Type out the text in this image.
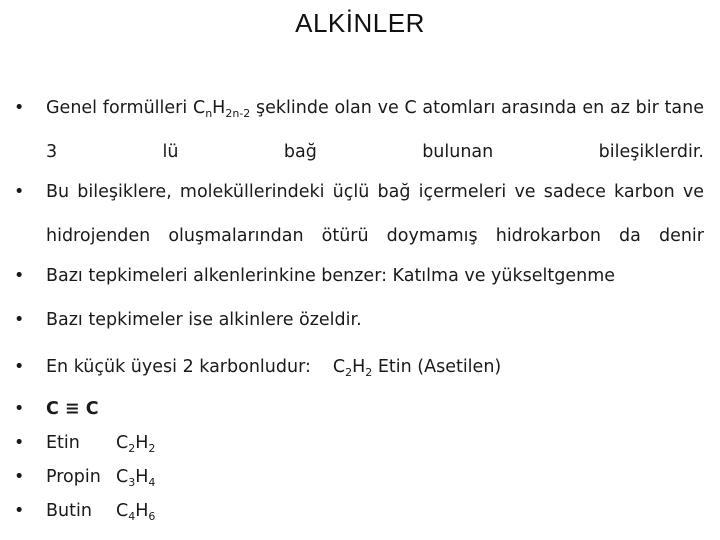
ALKİNLER
• Genel formülleri $C_nH_{2n-2}$ şeklinde olan ve C atomları arasında en az bir tane 3 lü bağ bulunan bileşiklerdir.
• Bu bileşiklere, moleküllerindeki üçlü bağ içermeleri ve sadece karbon ve hidrojenden oluşmalarından ötürü doymamış hidrokarbon da denir
• Bazı tepkimeleri alkenlerinkine benzer: Katılma ve yükseltgenme
• Bazı tepkimeler ise alkinlere özeldir.
• En küçük üyesi 2 karbonludur: $C_2H_2$ Etin (Asetilen)
• C ≡ C
• Etin $C_2H_2$
• Propin $C_3H_4$
• Butin $C_4H_6$
